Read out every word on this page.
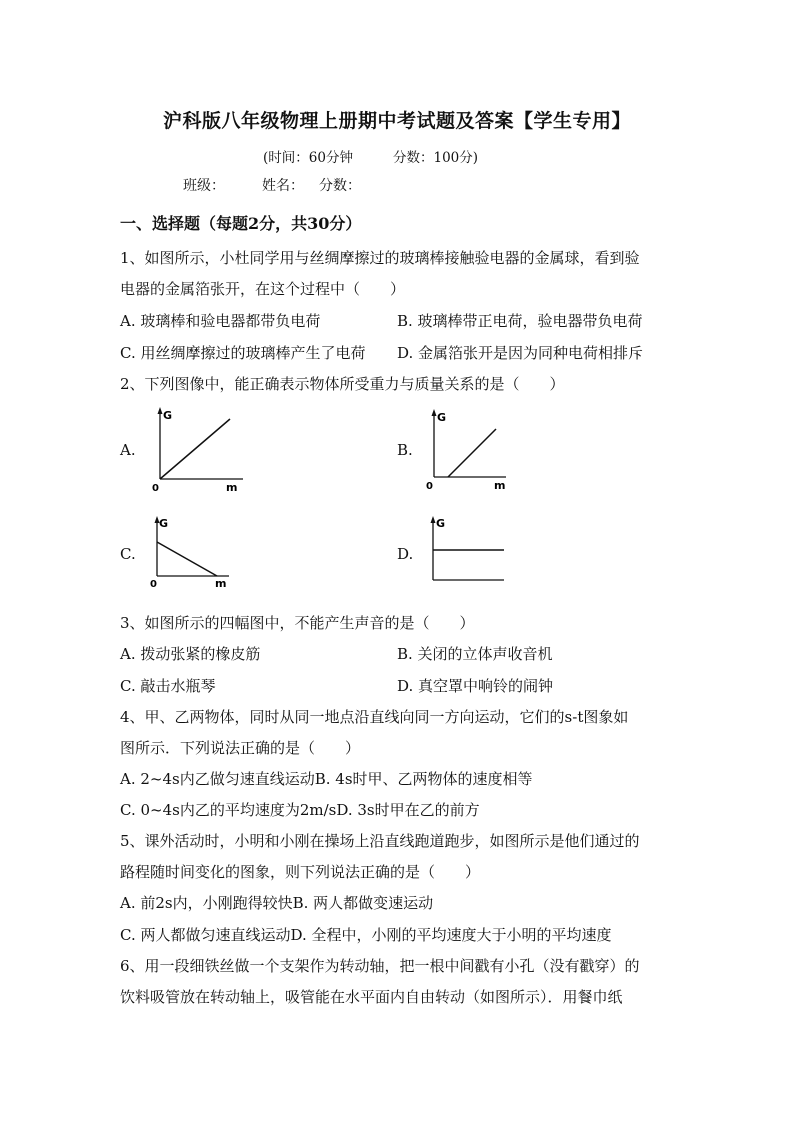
沪科版八年级物理上册期中考试题及答案【学生专用】
(时间：60分钟	分数：100分)
班级：	姓名： 分数：
一、选择题（每题2分，共30分）
1、如图所示，小杜同学用与丝绸摩擦过的玻璃棒接触验电器的金属球，看到验
电器的金属箔张开，在这个过程中（　　）
A. 玻璃棒和验电器都带负电荷	B. 玻璃棒带正电荷，验电器带负电荷
C. 用丝绸摩擦过的玻璃棒产生了电荷 D. 金属箔张开是因为同种电荷相排斥
2、下列图像中，能正确表示物体所受重力与质量关系的是（　　）
A.	B.
C.	D.
G
0	m
G
0	m
G
0	m
G
3、如图所示的四幅图中，不能产生声音的是（　　）
A. 拨动张紧的橡皮筋	B. 关闭的立体声收音机
C. 敲击水瓶琴	D. 真空罩中响铃的闹钟
4、甲、乙两物体，同时从同一地点沿直线向同一方向运动，它们的s-t图象如
图所示．下列说法正确的是（　　）
A. 2~4s内乙做匀速直线运动B. 4s时甲、乙两物体的速度相等
C. 0~4s内乙的平均速度为2m/sD. 3s时甲在乙的前方
5、课外活动时，小明和小刚在操场上沿直线跑道跑步，如图所示是他们通过的
路程随时间变化的图象，则下列说法正确的是（　　）
A. 前2s内，小刚跑得较快B. 两人都做变速运动
C. 两人都做匀速直线运动D. 全程中，小刚的平均速度大于小明的平均速度
6、用一段细铁丝做一个支架作为转动轴，把一根中间戳有小孔（没有戳穿）的
饮料吸管放在转动轴上，吸管能在水平面内自由转动（如图所示）．用餐巾纸
